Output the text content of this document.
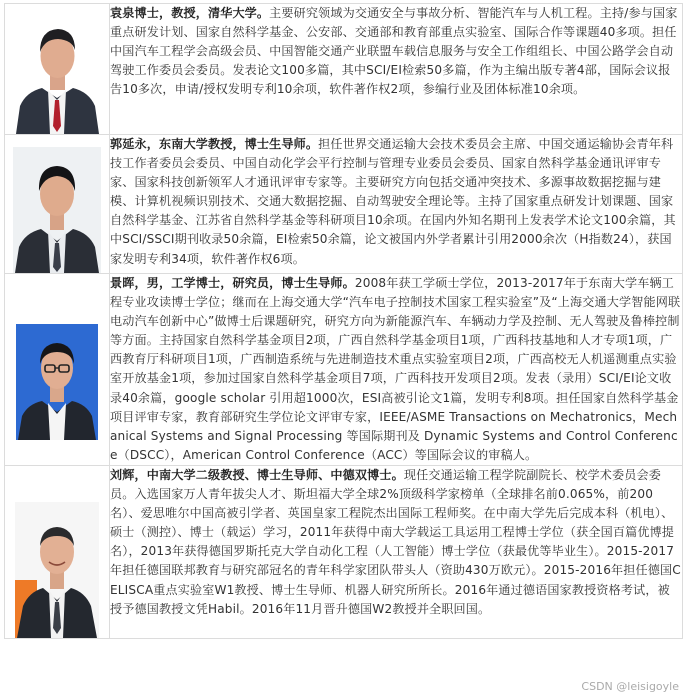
袁泉博士，教授，清华大学。主要研究领域为交通安全与事故分析、智能汽车与人机工程。主持/参与国家重点研发计划、国家自然科学基金、公安部、交通部和教育部重点实验室、国际合作等课题40多项。担任中国汽车工程学会高级会员、中国智能交通产业联盟车载信息服务与安全工作组组长、中国公路学会自动驾驶工作委员会委员。发表论文100多篇，其中SCI/EI检索50多篇，作为主编出版专著4部，国际会议报告10多次，申请/授权发明专利10余项，软件著作权2项，参编行业及团体标准10余项。

郭延永，东南大学教授，博士生导师。担任世界交通运输大会技术委员会主席、中国交通运输协会青年科技工作者委员会委员、中国自动化学会平行控制与管理专业委员会委员、国家自然科学基金通讯评审专家、国家科技创新领军人才通讯评审专家等。主要研究方向包括交通冲突技术、多源事故数据挖掘与建模、计算机视频识别技术、交通大数据挖掘、自动驾驶安全理论等。主持了国家重点研发计划课题、国家自然科学基金、江苏省自然科学基金等科研项目10余项。在国内外知名期刊上发表学术论文100余篇，其中SCI/SSCI期刊收录50余篇，EI检索50余篇，论文被国内外学者累计引用2000余次（H指数24），获国家发明专利34项，软件著作权6项。

景晖，男，工学博士，研究员，博士生导师。2008年获工学硕士学位，2013-2017年于东南大学车辆工程专业攻读博士学位；继而在上海交通大学“汽车电子控制技术国家工程实验室”及“上海交通大学智能网联电动汽车创新中心”做博士后课题研究，研究方向为新能源汽车、车辆动力学及控制、无人驾驶及鲁棒控制等方面。主持国家自然科学基金项目2项，广西自然科学基金项目1项，广西科技基地和人才专项1项，广西教育厅科研项目1项，广西制造系统与先进制造技术重点实验室项目2项，广西高校无人机遥测重点实验室开放基金1项，参加过国家自然科学基金项目7项，广西科技开发项目2项。发表（录用）SCI/EI论文收录40余篇，google scholar 引用超1000次，ESI高被引论文1篇，发明专利8项。担任国家自然科学基金项目评审专家，教育部研究生学位论文评审专家，IEEE/ASME Transactions on Mechatronics，Mechanical Systems and Signal Processing 等国际期刊及 Dynamic Systems and Control Conference（DSCC），American Control Conference（ACC）等国际会议的审稿人。

刘辉，中南大学二级教授、博士生导师、中德双博士。现任交通运输工程学院副院长、校学术委员会委员。入选国家万人青年拔尖人才、斯坦福大学全球2%顶级科学家榜单（全球排名前0.065%，前200名）、爱思唯尔中国高被引学者、英国皇家工程院杰出国际工程师奖。在中南大学先后完成本科（机电）、硕士（测控）、博士（载运）学习，2011年获得中南大学载运工具运用工程博士学位（获全国百篇优博提名），2013年获得德国罗斯托克大学自动化工程（人工智能）博士学位（获最优等毕业生）。2015-2017年担任德国联邦教育与研究部冠名的青年科学家团队带头人（资助430万欧元）。2015-2016年担任德国CELISCA重点实验室W1教授、博士生导师、机器人研究所所长。2016年通过德语国家教授资格考试，被授予德国教授文凭Habil。2016年11月晋升德国W2教授并全职回国。

CSDN @leisigoyle
